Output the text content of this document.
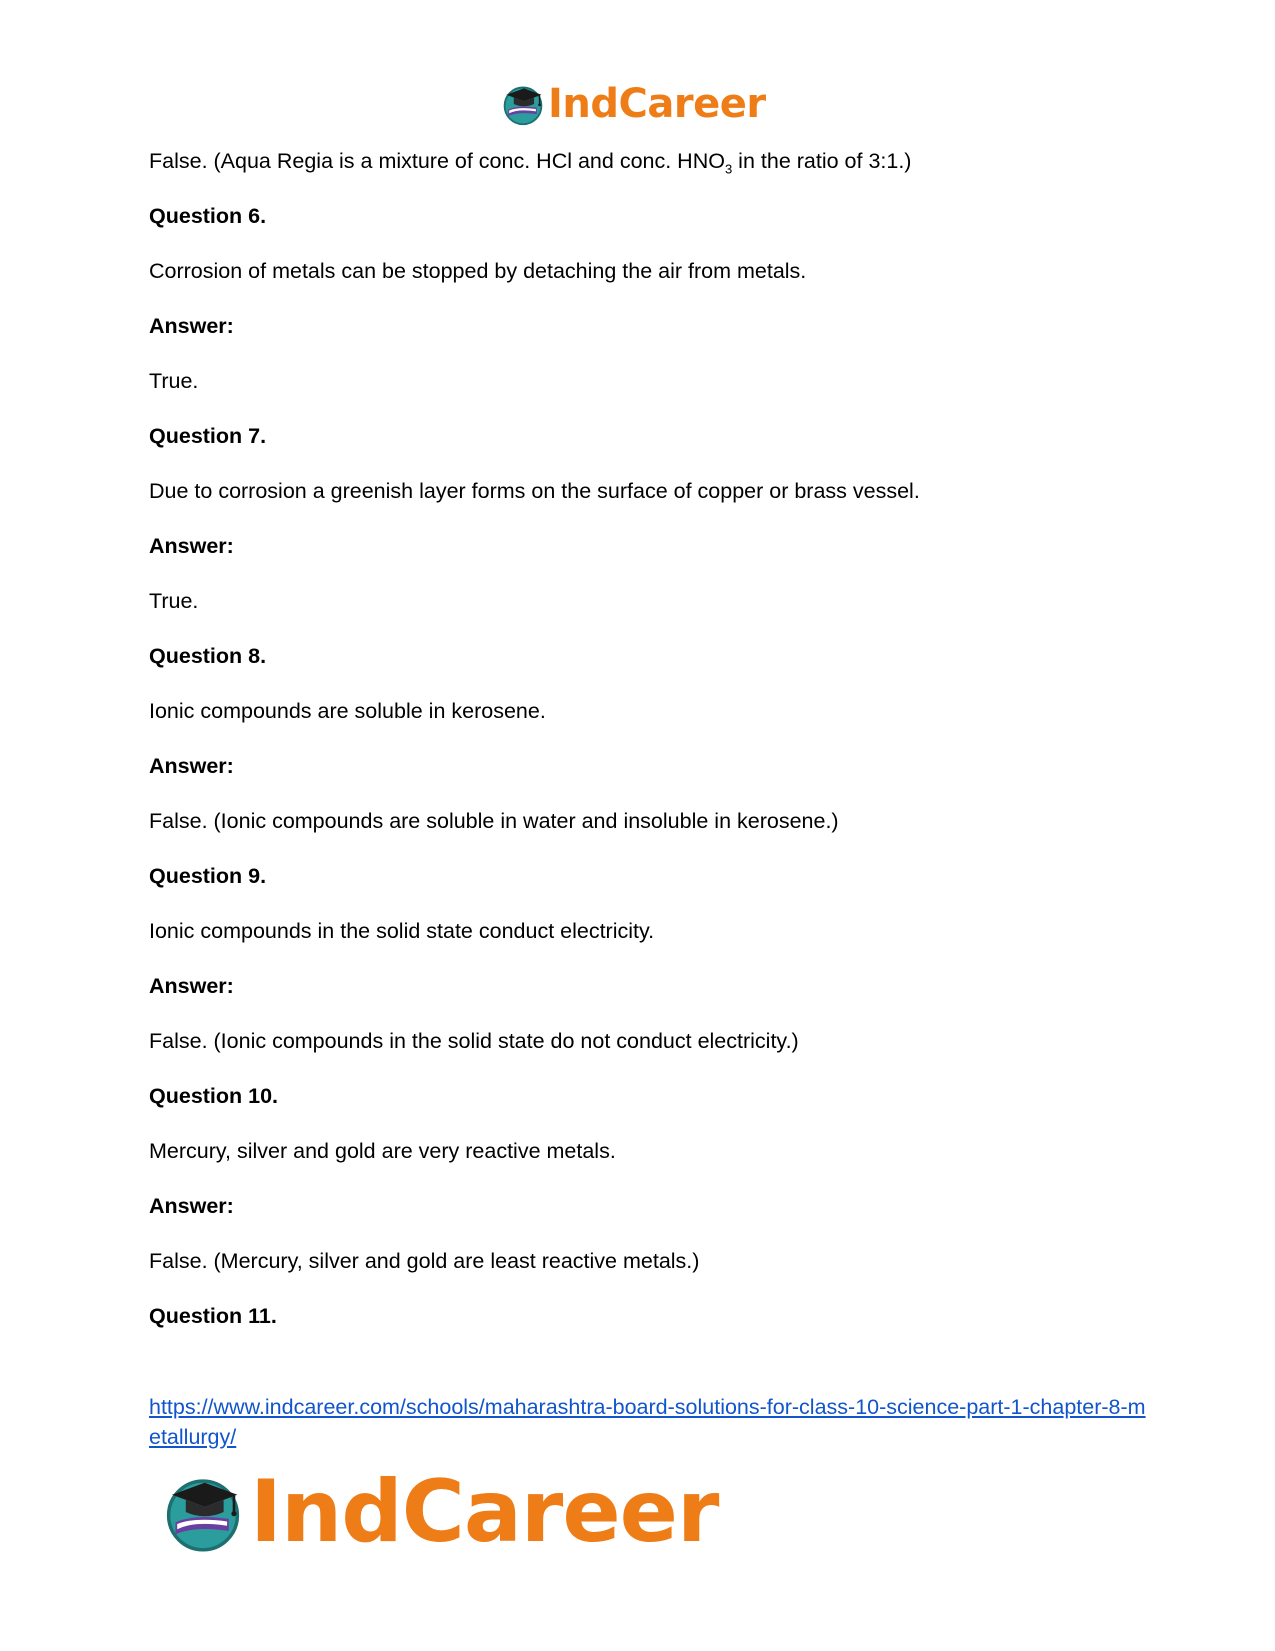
IndCareer

False. (Aqua Regia is a mixture of conc. HCl and conc. $HNO_3$ in the ratio of 3:1.)

Question 6.

Corrosion of metals can be stopped by detaching the air from metals.

Answer:

True.

Question 7.

Due to corrosion a greenish layer forms on the surface of copper or brass vessel.

Answer:

True.

Question 8.

Ionic compounds are soluble in kerosene.

Answer:

False. (Ionic compounds are soluble in water and insoluble in kerosene.)

Question 9.

Ionic compounds in the solid state conduct electricity.

Answer:

False. (Ionic compounds in the solid state do not conduct electricity.)

Question 10.

Mercury, silver and gold are very reactive metals.

Answer:

False. (Mercury, silver and gold are least reactive metals.)

Question 11.

https://www.indcareer.com/schools/maharashtra-board-solutions-for-class-10-science-part-1-chapter-8-metallurgy/
IndCareer
